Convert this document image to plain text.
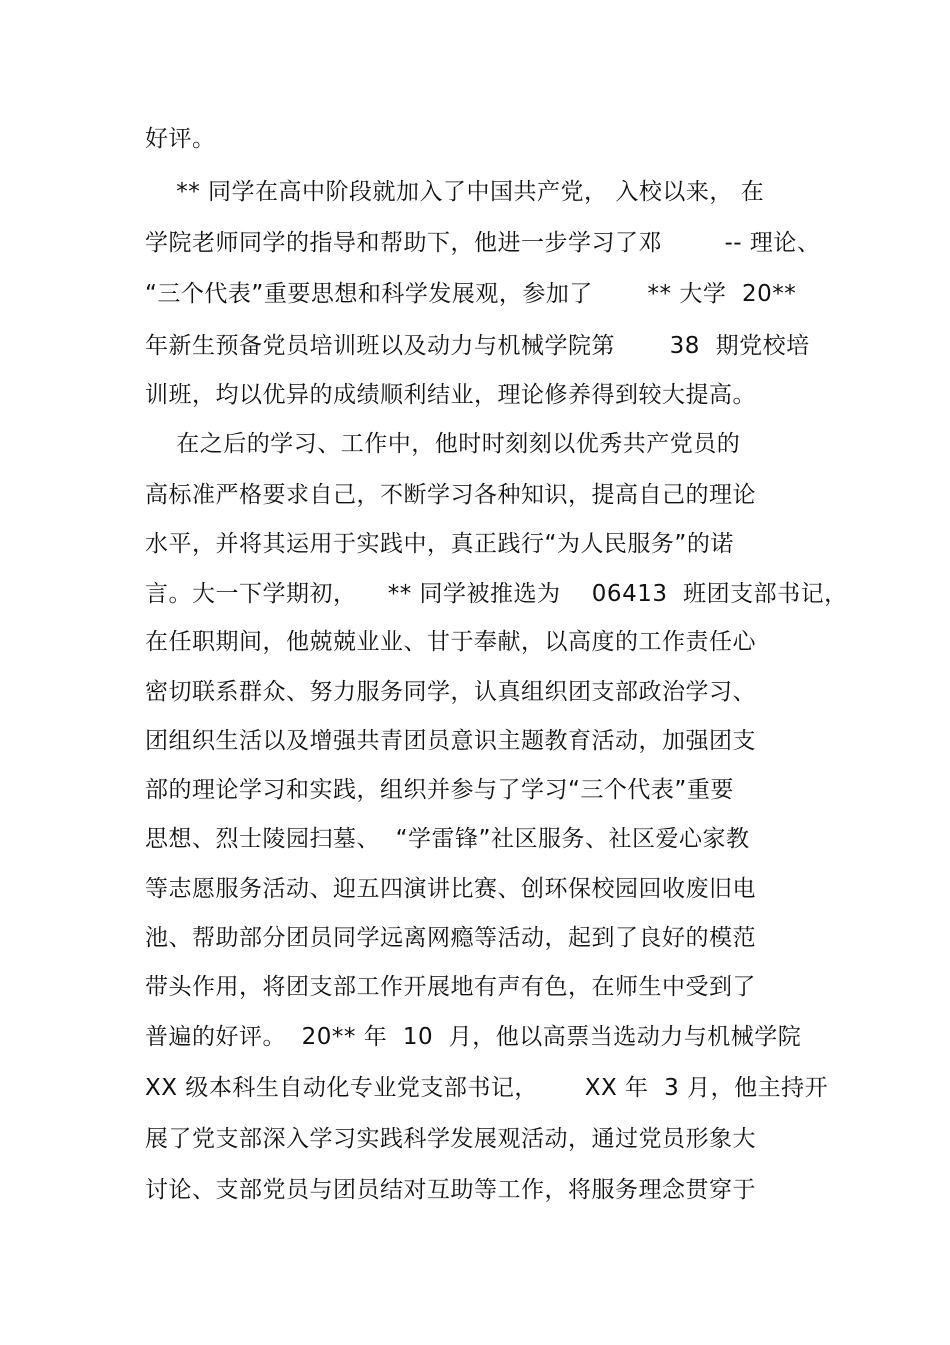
好评。
** 同学在高中阶段就加入了中国共产党， 入校以来， 在
学院老师同学的指导和帮助下，他进一步学习了邓        -- 理论、
“三个代表”重要思想和科学发展观，参加了       ** 大学  20**
年新生预备党员培训班以及动力与机械学院第       38  期党校培
训班，均以优异的成绩顺利结业，理论修养得到较大提高。
在之后的学习、工作中，他时时刻刻以优秀共产党员的
高标准严格要求自己，不断学习各种知识，提高自己的理论
水平，并将其运用于实践中，真正践行“为人民服务”的诺
言。大一下学期初，    ** 同学被推选为    06413  班团支部书记，
在任职期间，他兢兢业业、甘于奉献，以高度的工作责任心
密切联系群众、努力服务同学，认真组织团支部政治学习、
团组织生活以及增强共青团员意识主题教育活动，加强团支
部的理论学习和实践，组织并参与了学习“三个代表”重要
思想、烈士陵园扫墓、  “学雷锋”社区服务、社区爱心家教
等志愿服务活动、迎五四演讲比赛、创环保校园回收废旧电
池、帮助部分团员同学远离网瘾等活动，起到了良好的模范
带头作用，将团支部工作开展地有声有色，在师生中受到了
普遍的好评。  20** 年  10  月，他以高票当选动力与机械学院
XX 级本科生自动化专业党支部书记，      XX 年  3 月，他主持开
展了党支部深入学习实践科学发展观活动，通过党员形象大
讨论、支部党员与团员结对互助等工作，将服务理念贯穿于
